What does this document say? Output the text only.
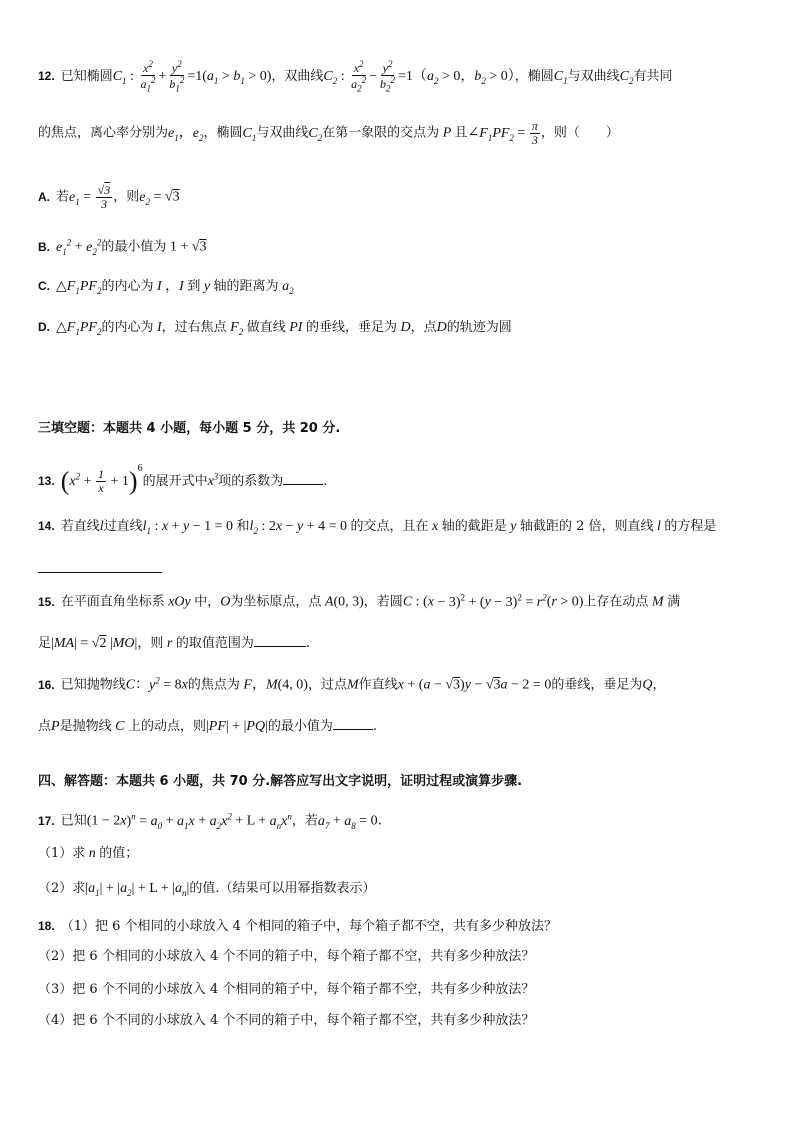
12. 已知椭圆$C_1$ : $\frac{x^2}{a_1^2} + \frac{y^2}{b_1^2} =1(a_1 > b_1 > 0)$，双曲线$C_2$ : $\frac{x^2}{a_2^2} - \frac{y^2}{b_2^2} =1(a_2 > 0$，$b_2 > 0$），椭圆$C_1$与双曲线$C_2$有共同
的焦点，离心率分别为$e_1$，$e_2$，椭圆$C_1$与双曲线$C_2$在第一象限的交点为 P 且$\angle F_1PF_2 = \frac{\pi}{3}$ ，则（　　）
A. 若$e_1 = \frac{√3}{3}$ ，则$e_2 = √3$
B. $e_1^2 + e_2^2$的最小值为 1 + √3
C. $\triangle F_1PF_2$的内心为 I ，I 到 y 轴的距离为 $a_2$
D. $\triangle F_1PF_2$的内心为 I，过右焦点 $F_2$ 做直线 PI 的垂线，垂足为 D，点D的轨迹为圆
三填空题：本题共 4 小题，每小题 5 分，共 20 分.
13. $(x^2 + \frac{1}{x} + 1)^6$的展开式中$x^3$项的系数为	.
14. 若直线l过直线$l_1$ : x + y − 1 = 0 和$l_2$ : 2x − y + 4 = 0 的交点，且在 x 轴的截距是 y 轴截距的 2 倍，则直线 l 的方程是
15. 在平面直角坐标系 xOy 中，O为坐标原点，点 A(0, 3)，若圆C : $(x - 3)^2 + (y - 3)^2 = r^2(r > 0)$上存在动点 M 满
足|MA| = √2 |MO|，则 r 的取值范围为	.
16. 已知抛物线C：$y^2 = 8x$的焦点为 F，M(4, 0)，过点M作直线x + (a − √3)y − √3a − 2 = 0的垂线，垂足为Q，
点P是抛物线 C 上的动点，则|PF| + |PQ|的最小值为	.
四、解答题：本题共 6 小题，共 70 分.解答应写出文字说明，证明过程或演算步骤.
17. 已知$(1 - 2x)^n = a_0 + a_1x + a_2x^2 + L + a_nx^n$，若$a_7 + a_8 = 0$.
（1）求 n 的值；
（2）求$|a_1| + |a_2| + L + |a_n|$的值.（结果可以用幂指数表示）
18. （1）把 6 个相同的小球放入 4 个相同的箱子中，每个箱子都不空，共有多少种放法？
（2）把 6 个相同的小球放入 4 个不同的箱子中，每个箱子都不空，共有多少种放法？
（3）把 6 个不同的小球放入 4 个相同的箱子中，每个箱子都不空，共有多少种放法？
（4）把 6 个不同的小球放入 4 个不同的箱子中，每个箱子都不空，共有多少种放法？
